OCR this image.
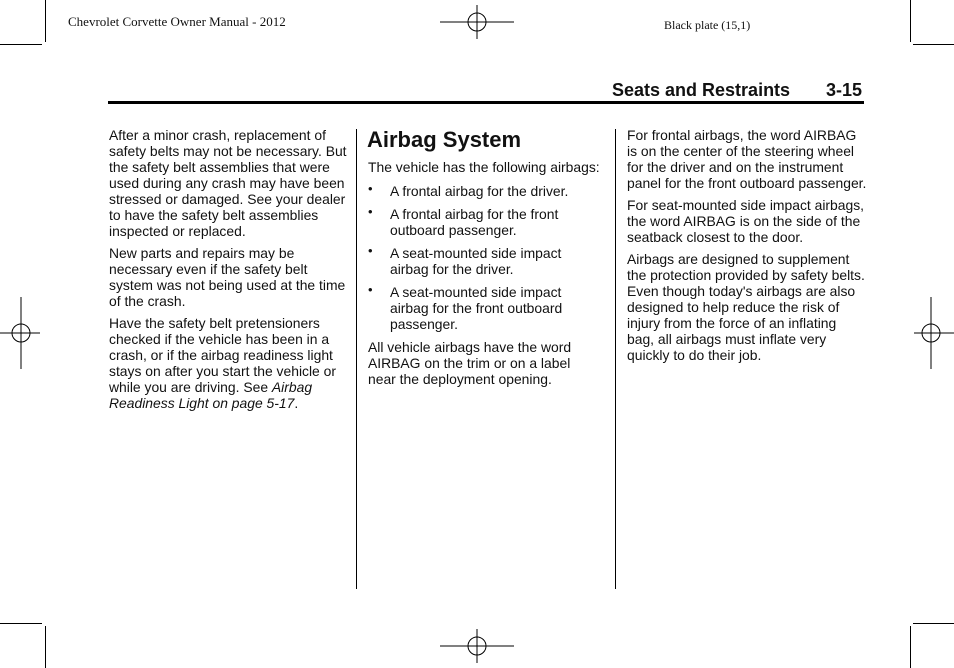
Chevrolet Corvette Owner Manual - 2012	Black plate (15,1)
Seats and Restraints 3-15

After a minor crash, replacement of safety belts may not be necessary. But the safety belt assemblies that were used during any crash may have been stressed or damaged. See your dealer to have the safety belt assemblies inspected or replaced.

New parts and repairs may be necessary even if the safety belt system was not being used at the time of the crash.

Have the safety belt pretensioners checked if the vehicle has been in a crash, or if the airbag readiness light stays on after you start the vehicle or while you are driving. See Airbag Readiness Light on page 5-17.

Airbag System

The vehicle has the following airbags:

• A frontal airbag for the driver.
• A frontal airbag for the front outboard passenger.
• A seat-mounted side impact airbag for the driver.
• A seat-mounted side impact airbag for the front outboard passenger.

All vehicle airbags have the word AIRBAG on the trim or on a label near the deployment opening.

For frontal airbags, the word AIRBAG is on the center of the steering wheel for the driver and on the instrument panel for the front outboard passenger.

For seat-mounted side impact airbags, the word AIRBAG is on the side of the seatback closest to the door.

Airbags are designed to supplement the protection provided by safety belts. Even though today's airbags are also designed to help reduce the risk of injury from the force of an inflating bag, all airbags must inflate very quickly to do their job.
